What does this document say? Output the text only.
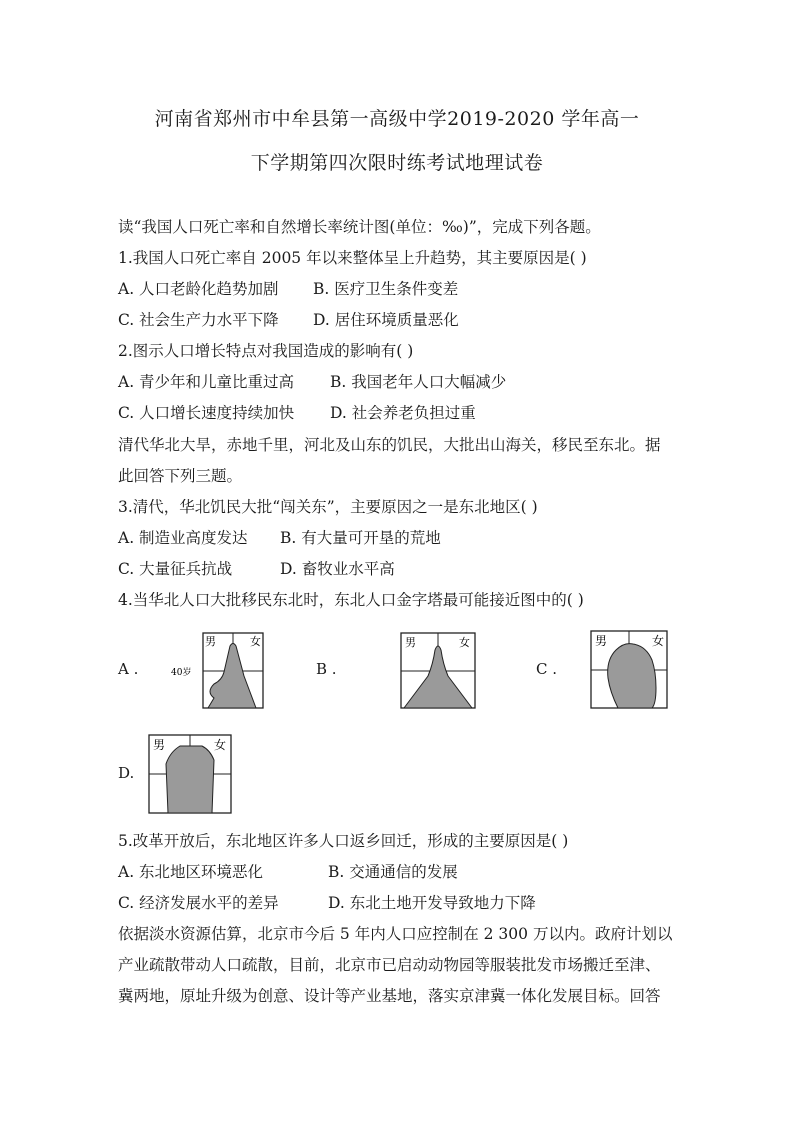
河南省郑州市中牟县第一高级中学2019-2020 学年高一
下学期第四次限时练考试地理试卷
读“我国人口死亡率和自然增长率统计图(单位：‰)”，完成下列各题。
1.我国人口死亡率自 2005 年以来整体呈上升趋势，其主要原因是( )
A. 人口老龄化趋势加剧 B. 医疗卫生条件变差
C. 社会生产力水平下降 D. 居住环境质量恶化
2.图示人口增长特点对我国造成的影响有( )
A. 青少年和儿童比重过高 B. 我国老年人口大幅减少
C. 人口增长速度持续加快 D. 社会养老负担过重
清代华北大旱，赤地千里，河北及山东的饥民，大批出山海关，移民至东北。据
此回答下列三题。
3.清代，华北饥民大批“闯关东”，主要原因之一是东北地区( )
A. 制造业高度发达 B. 有大量可开垦的荒地
C. 大量征兵抗战	D. 畜牧业水平高
4.当华北人口大批移民东北时，东北人口金字塔最可能接近图中的( )
A .
男	女
40岁	B .
男	女
C .
男	女
D.
男	女
5.改革开放后，东北地区许多人口返乡回迁，形成的主要原因是( )
A. 东北地区环境恶化	B. 交通通信的发展
C. 经济发展水平的差异	D. 东北土地开发导致地力下降
依据淡水资源估算，北京市今后 5 年内人口应控制在 2 300 万以内。政府计划以
产业疏散带动人口疏散，目前，北京市已启动动物园等服装批发市场搬迁至津、
冀两地，原址升级为创意、设计等产业基地，落实京津冀一体化发展目标。回答
